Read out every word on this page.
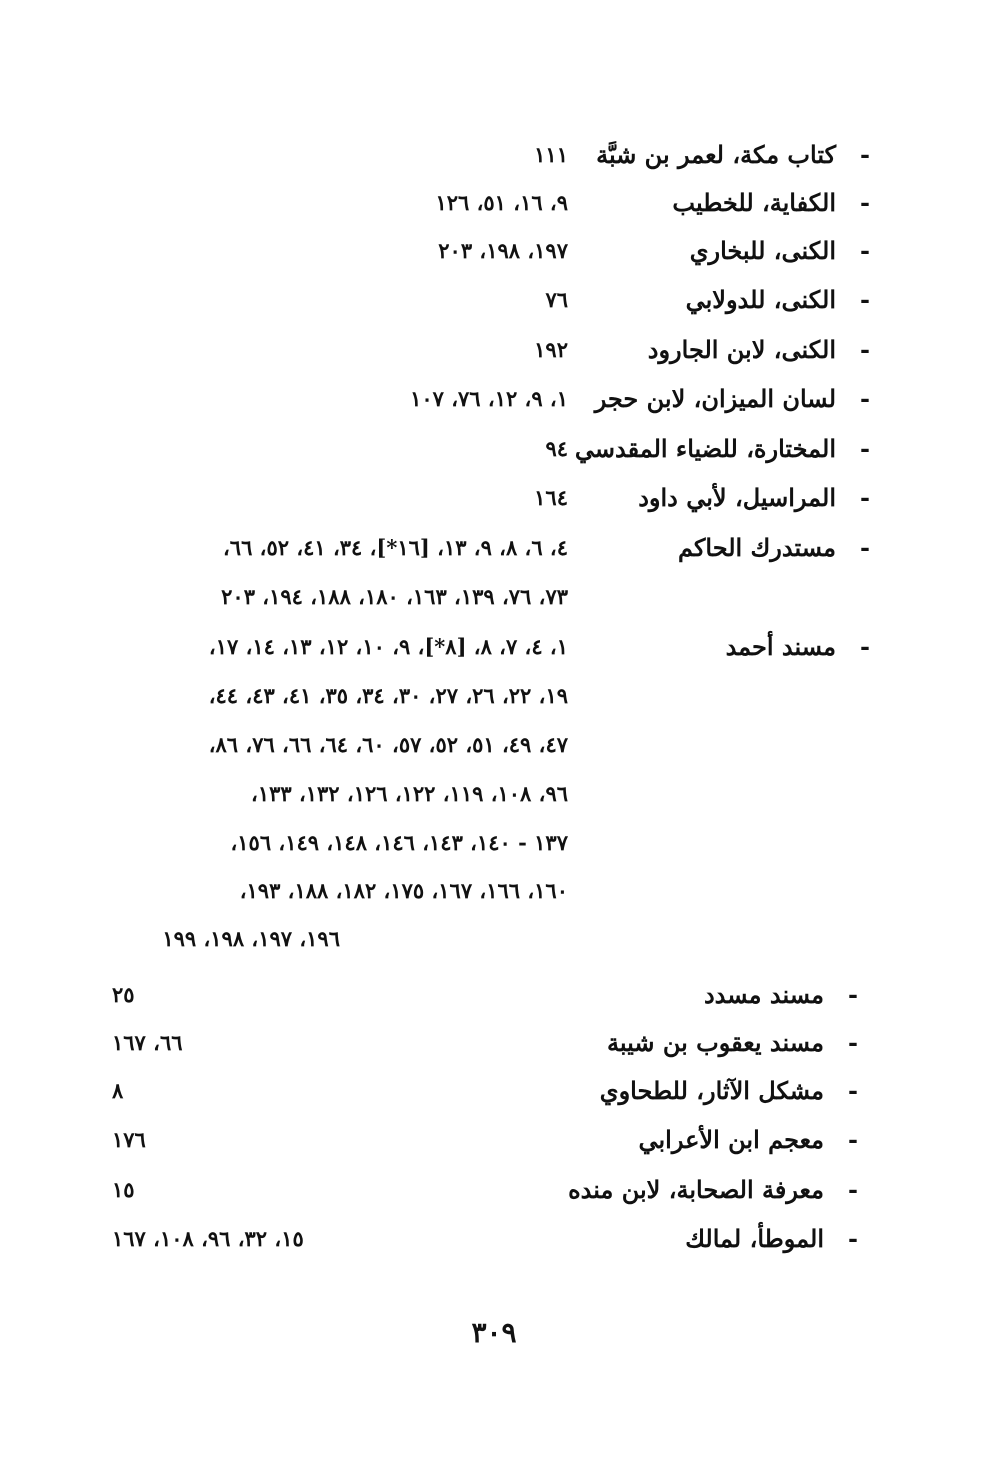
-كتاب مكة، لعمر بن شبَّة
١١١
-الكفاية، للخطيب
٩، ١٦، ٥١، ١٢٦
-الكنى، للبخاري
١٩٧، ١٩٨، ٢٠٣
-الكنى، للدولابي
٧٦
-الكنى، لابن الجارود
١٩٢
-لسان الميزان، لابن حجر
١، ٩، ١٢، ٧٦، ١٠٧
-المختارة، للضياء المقدسي
٩٤
-المراسيل، لأبي داود
١٦٤
-مستدرك الحاكم
٤، ٦، ٨، ٩، ١٣، [١٦*]، ٣٤، ٤١، ٥٢، ٦٦،
٧٣، ٧٦، ١٣٩، ١٦٣، ١٨٠، ١٨٨، ١٩٤، ٢٠٣
-مسند أحمد
١، ٤، ٧، ٨، [٨*]، ٩، ١٠، ١٢، ١٣، ١٤، ١٧،
١٩، ٢٢، ٢٦، ٢٧، ٣٠، ٣٤، ٣٥، ٤١، ٤٣، ٤٤،
٤٧، ٤٩، ٥١، ٥٢، ٥٧، ٦٠، ٦٤، ٦٦، ٧٦، ٨٦،
٩٦، ١٠٨، ١١٩، ١٢٢، ١٢٦، ١٣٢، ١٣٣،
١٣٧ - ١٤٠، ١٤٣، ١٤٦، ١٤٨، ١٤٩، ١٥٦،
١٦٠، ١٦٦، ١٦٧، ١٧٥، ١٨٢، ١٨٨، ١٩٣،
١٩٦، ١٩٧، ١٩٨، ١٩٩
-مسند مسدد
٢٥
-مسند يعقوب بن شيبة
٦٦، ١٦٧
-مشكل الآثار، للطحاوي
٨
-معجم ابن الأعرابي
١٧٦
-معرفة الصحابة، لابن منده
١٥
-الموطأ، لمالك
١٥، ٣٢، ٩٦، ١٠٨، ١٦٧
٣٠٩
